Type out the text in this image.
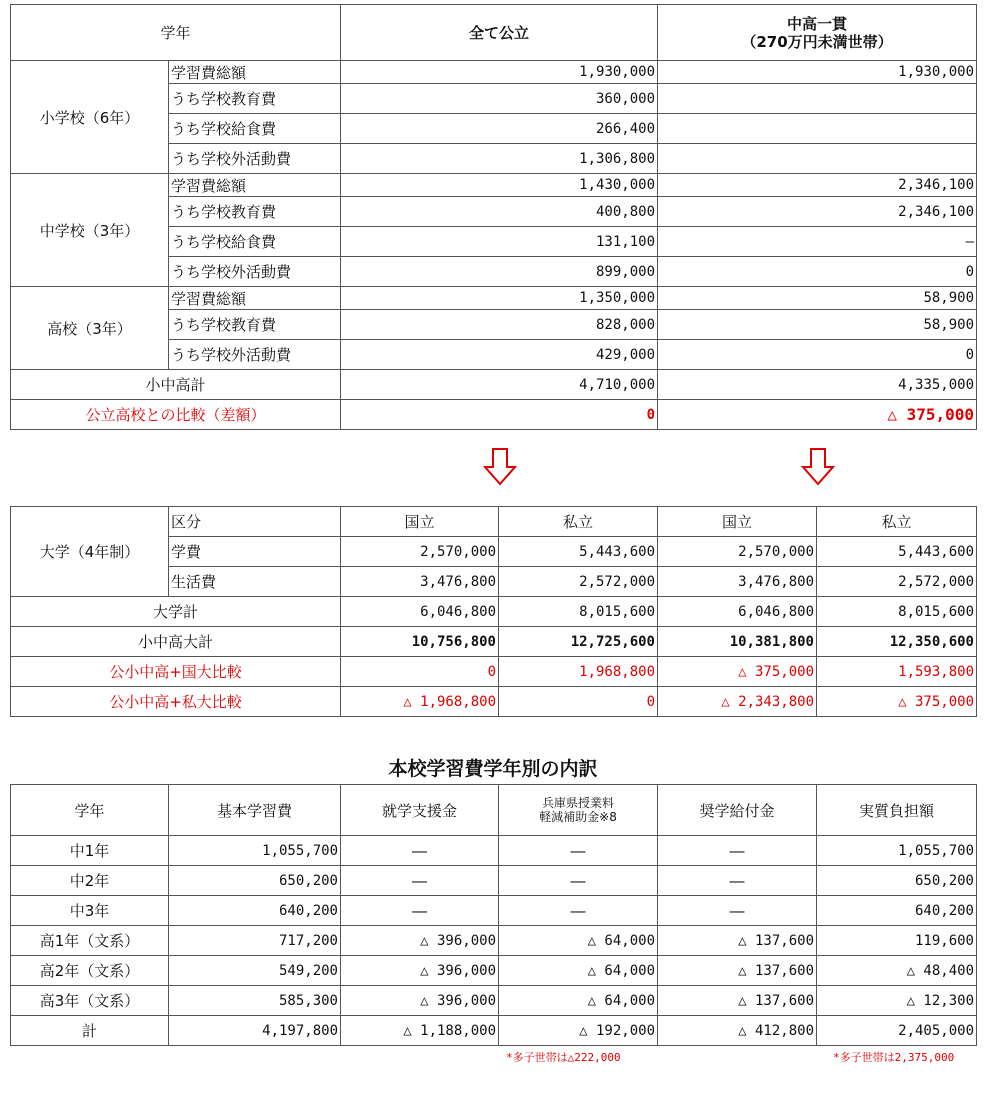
学年		全て公立	中高一貫
（270万円未満世帯）

小学校（6年）	学習費総額	1,930,000	1,930,000
	うち学校教育費	360,000	
	うち学校給食費	266,400	
	うち学校外活動費	1,306,800	
中学校（3年）	学習費総額	1,430,000	2,346,100
	うち学校教育費	400,800	2,346,100
	うち学校給食費	131,100	―
	うち学校外活動費	899,000	0
高校（3年）	学習費総額	1,350,000	58,900
	うち学校教育費	828,000	58,900
	うち学校外活動費	429,000	0
小中高計		4,710,000	4,335,000
公立高校との比較（差額）		0	△ 375,000
大学（4年制）	区分	国立	私立	国立	私立
	学費	2,570,000	5,443,600	2,570,000	5,443,600
	生活費	3,476,800	2,572,000	3,476,800	2,572,000
大学計		6,046,800	8,015,600	6,046,800	8,015,600
小中高大計		10,756,800	12,725,600	10,381,800	12,350,600
公小中高+国大比較		0	1,968,800	△ 375,000	1,593,800
公小中高+私大比較		△ 1,968,800	0	△ 2,343,800	△ 375,000
本校学習費学年別の内訳
学年	基本学習費	就学支援金	兵庫県授業料
軽減補助金※8	奨学給付金	実質負担額
中1年	1,055,700	―	―	―	1,055,700
中2年	650,200	―	―	―	650,200
中3年	640,200	―	―	―	640,200
高1年（文系）	717,200	△ 396,000	△ 64,000	△ 137,600	119,600
高2年（文系）	549,200	△ 396,000	△ 64,000	△ 137,600	△ 48,400
高3年（文系）	585,300	△ 396,000	△ 64,000	△ 137,600	△ 12,300
計	4,197,800	△ 1,188,000	△ 192,000	△ 412,800	2,405,000
*多子世帯は△222,000	*多子世帯は2,375,000
